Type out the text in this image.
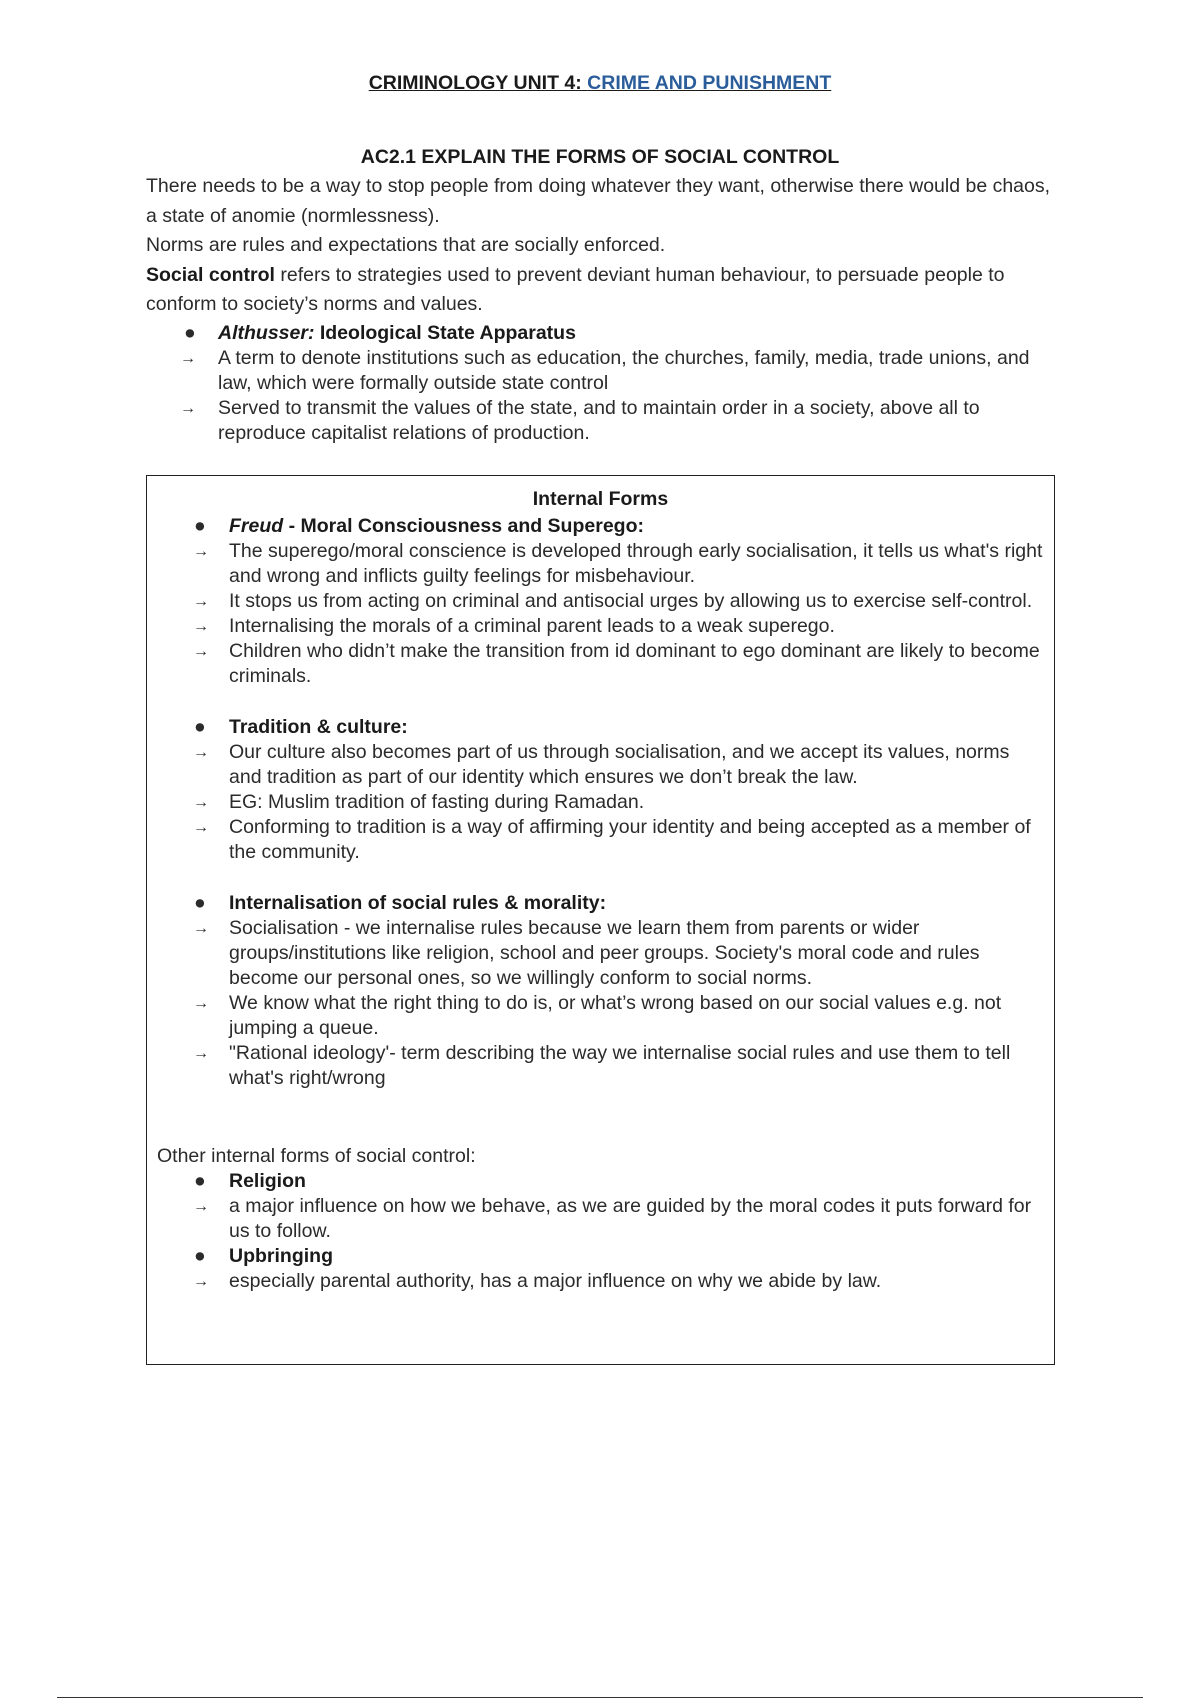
CRIMINOLOGY UNIT 4: CRIME AND PUNISHMENT
AC2.1 EXPLAIN THE FORMS OF SOCIAL CONTROL

There needs to be a way to stop people from doing whatever they want, otherwise there would be chaos, a state of anomie (normlessness).

Norms are rules and expectations that are socially enforced.

Social control refers to strategies used to prevent deviant human behaviour, to persuade people to conform to society’s norms and values.

● Althusser: Ideological State Apparatus
→ A term to denote institutions such as education, the churches, family, media, trade unions, and law, which were formally outside state control
→ Served to transmit the values of the state, and to maintain order in a society, above all to reproduce capitalist relations of production.
Internal Forms
● Freud - Moral Consciousness and Superego:
→ The superego/moral conscience is developed through early socialisation, it tells us what's right and wrong and inflicts guilty feelings for misbehaviour.
→ It stops us from acting on criminal and antisocial urges by allowing us to exercise self-control.
→ Internalising the morals of a criminal parent leads to a weak superego.
→ Children who didn’t make the transition from id dominant to ego dominant are likely to become criminals.
● Tradition & culture:
→ Our culture also becomes part of us through socialisation, and we accept its values, norms and tradition as part of our identity which ensures we don’t break the law.
→ EG: Muslim tradition of fasting during Ramadan.
→ Conforming to tradition is a way of affirming your identity and being accepted as a member of the community.
● Internalisation of social rules & morality:
→ Socialisation - we internalise rules because we learn them from parents or wider groups/institutions like religion, school and peer groups. Society's moral code and rules become our personal ones, so we willingly conform to social norms.
→ We know what the right thing to do is, or what’s wrong based on our social values e.g. not jumping a queue.
→ "Rational ideology'- term describing the way we internalise social rules and use them to tell what's right/wrong
Other internal forms of social control:
● Religion
→ a major influence on how we behave, as we are guided by the moral codes it puts forward for us to follow.
● Upbringing
→ especially parental authority, has a major influence on why we abide by law.
